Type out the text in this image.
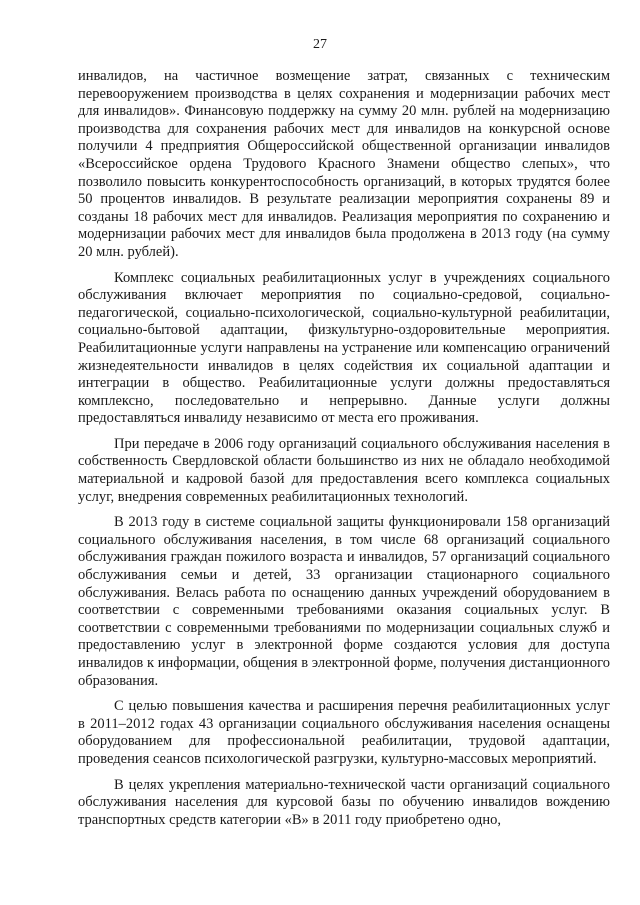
27

инвалидов, на частичное возмещение затрат, связанных с техническим перевооружением производства в целях сохранения и модернизации рабочих мест для инвалидов». Финансовую поддержку на сумму 20 млн. рублей на модернизацию производства для сохранения рабочих мест для инвалидов на конкурсной основе получили 4 предприятия Общероссийской общественной организации инвалидов «Всероссийское ордена Трудового Красного Знамени общество слепых», что позволило повысить конкурентоспособность организаций, в которых трудятся более 50 процентов инвалидов. В результате реализации мероприятия сохранены 89 и созданы 18 рабочих мест для инвалидов. Реализация мероприятия по сохранению и модернизации рабочих мест для инвалидов была продолжена в 2013 году (на сумму 20 млн. рублей).

Комплекс социальных реабилитационных услуг в учреждениях социального обслуживания включает мероприятия по социально-средовой, социально-педагогической, социально-психологической, социально-культурной реабилитации, социально-бытовой адаптации, физкультурно-оздоровительные мероприятия. Реабилитационные услуги направлены на устранение или компенсацию ограничений жизнедеятельности инвалидов в целях содействия их социальной адаптации и интеграции в общество. Реабилитационные услуги должны предоставляться комплексно, последовательно и непрерывно. Данные услуги должны предоставляться инвалиду независимо от места его проживания.

При передаче в 2006 году организаций социального обслуживания населения в собственность Свердловской области большинство из них не обладало необходимой материальной и кадровой базой для предоставления всего комплекса социальных услуг, внедрения современных реабилитационных технологий.

В 2013 году в системе социальной защиты функционировали 158 организаций социального обслуживания населения, в том числе 68 организаций социального обслуживания граждан пожилого возраста и инвалидов, 57 организаций социального обслуживания семьи и детей, 33 организации стационарного социального обслуживания. Велась работа по оснащению данных учреждений оборудованием в соответствии с современными требованиями оказания социальных услуг. В соответствии с современными требованиями по модернизации социальных служб и предоставлению услуг в электронной форме создаются условия для доступа инвалидов к информации, общения в электронной форме, получения дистанционного образования.

С целью повышения качества и расширения перечня реабилитационных услуг в 2011–2012 годах 43 организации социального обслуживания населения оснащены оборудованием для профессиональной реабилитации, трудовой адаптации, проведения сеансов психологической разгрузки, культурно-массовых мероприятий.

В целях укрепления материально-технической части организаций социального обслуживания населения для курсовой базы по обучению инвалидов вождению транспортных средств категории «В» в 2011 году приобретено одно,
